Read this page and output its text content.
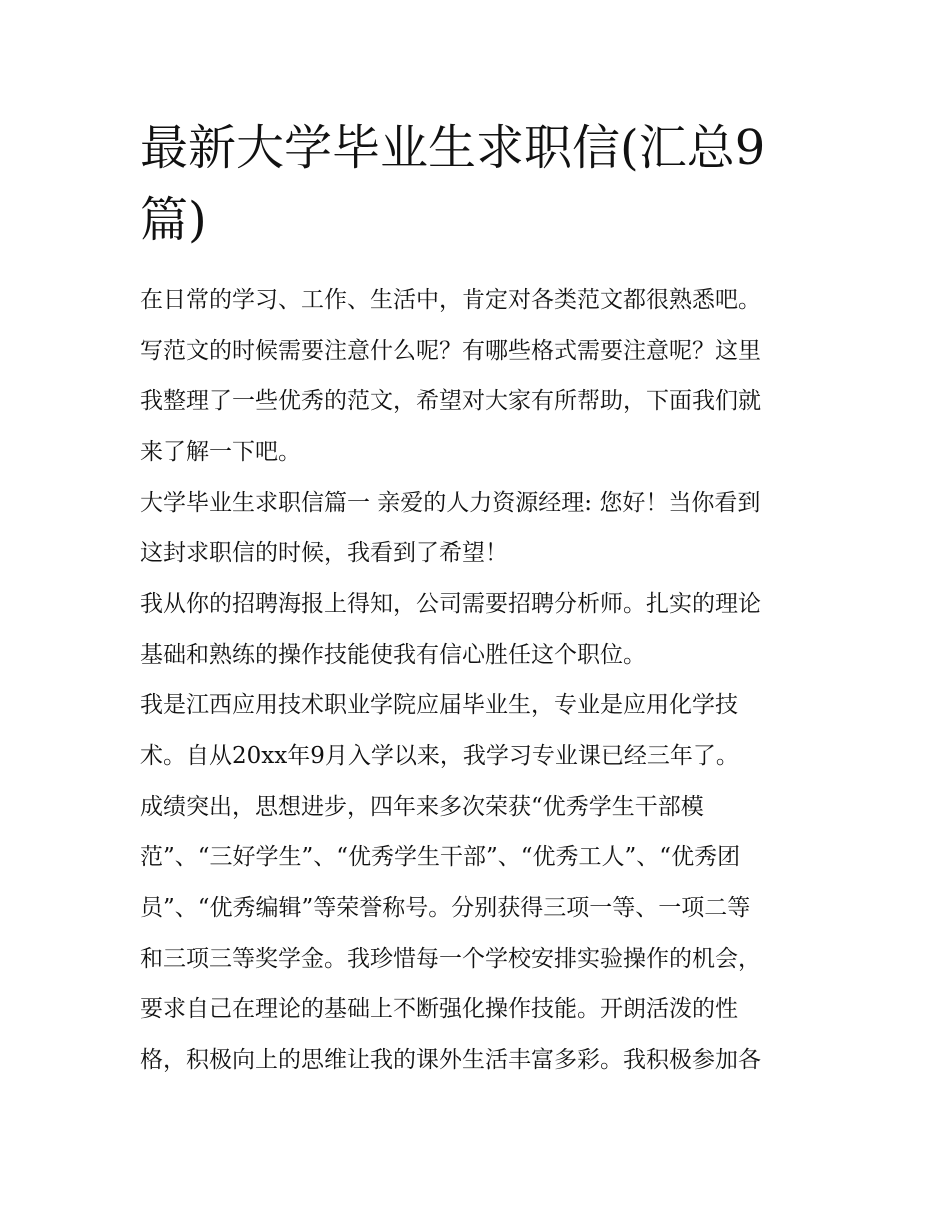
最新大学毕业生求职信(汇总9
篇)

在日常的学习、工作、生活中，肯定对各类范文都很熟悉吧。

写范文的时候需要注意什么呢？有哪些格式需要注意呢？这里

我整理了一些优秀的范文，希望对大家有所帮助，下面我们就

来了解一下吧。

大学毕业生求职信篇一 亲爱的人力资源经理: 您好！当你看到

这封求职信的时候，我看到了希望！

我从你的招聘海报上得知，公司需要招聘分析师。扎实的理论

基础和熟练的操作技能使我有信心胜任这个职位。

我是江西应用技术职业学院应届毕业生，专业是应用化学技

术。自从20xx年9月入学以来，我学习专业课已经三年了。

成绩突出，思想进步，四年来多次荣获“优秀学生干部模

范”、“三好学生”、“优秀学生干部”、“优秀工人”、“优秀团

员”、“优秀编辑”等荣誉称号。分别获得三项一等、一项二等

和三项三等奖学金。我珍惜每一个学校安排实验操作的机会，

要求自己在理论的基础上不断强化操作技能。开朗活泼的性

格，积极向上的思维让我的课外生活丰富多彩。我积极参加各
